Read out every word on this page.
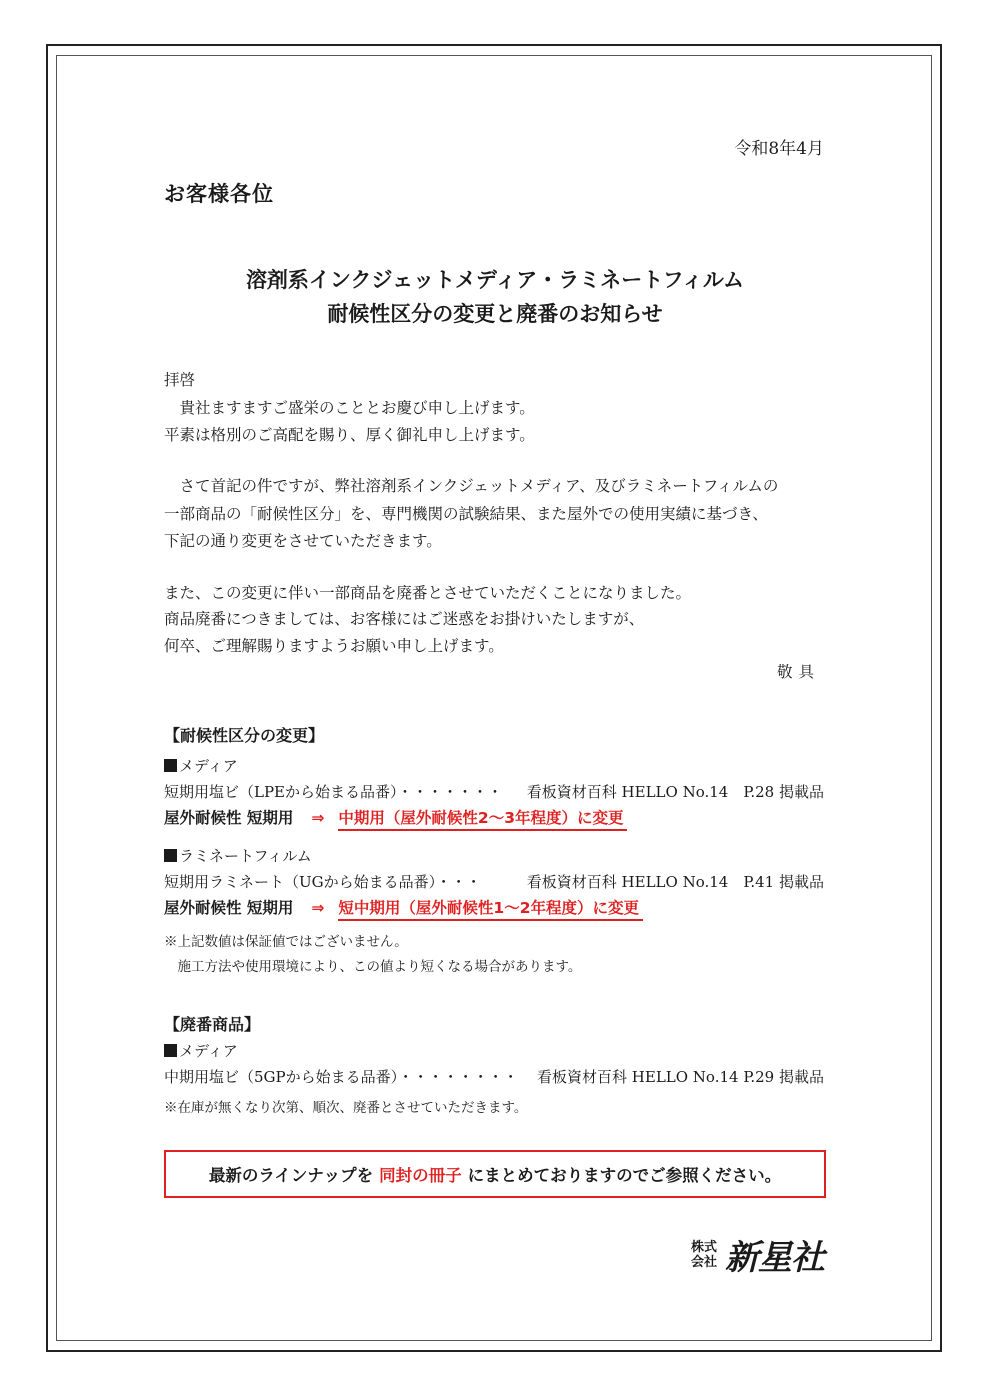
令和8年4月
お客様各位
溶剤系インクジェットメディア・ラミネートフィルム
耐候性区分の変更と廃番のお知らせ
拝啓
　貴社ますますご盛栄のこととお慶び申し上げます。
平素は格別のご高配を賜り、厚く御礼申し上げます。
　さて首記の件ですが、弊社溶剤系インクジェットメディア、及びラミネートフィルムの
一部商品の「耐候性区分」を、専門機関の試験結果、また屋外での使用実績に基づき、
下記の通り変更をさせていただきます。
また、この変更に伴い一部商品を廃番とさせていただくことになりました。
商品廃番につきましては、お客様にはご迷惑をお掛けいたしますが、
何卒、ご理解賜りますようお願い申し上げます。
敬具
【耐候性区分の変更】
メディア
短期用塩ビ（LPEから始まる品番）・・・・・・・ 看板資材百科 HELLO No.14　P.28 掲載品
屋外耐候性 短期用 ⇒ 中期用（屋外耐候性2～3年程度）に変更
ラミネートフィルム
短期用ラミネート（UGから始まる品番）・・・	看板資材百科 HELLO No.14　P.41 掲載品
屋外耐候性 短期用 ⇒ 短中期用（屋外耐候性1～2年程度）に変更
※上記数値は保証値ではございません。
　施工方法や使用環境により、この値より短くなる場合があります。
【廃番商品】
メディア
中期用塩ビ（5GPから始まる品番）・・・・・・・・ 看板資材百科 HELLO No.14 P.29 掲載品
※在庫が無くなり次第、順次、廃番とさせていただきます。
最新のラインナップを 同封の冊子 にまとめておりますのでご参照ください。
株式
会社 新星社
